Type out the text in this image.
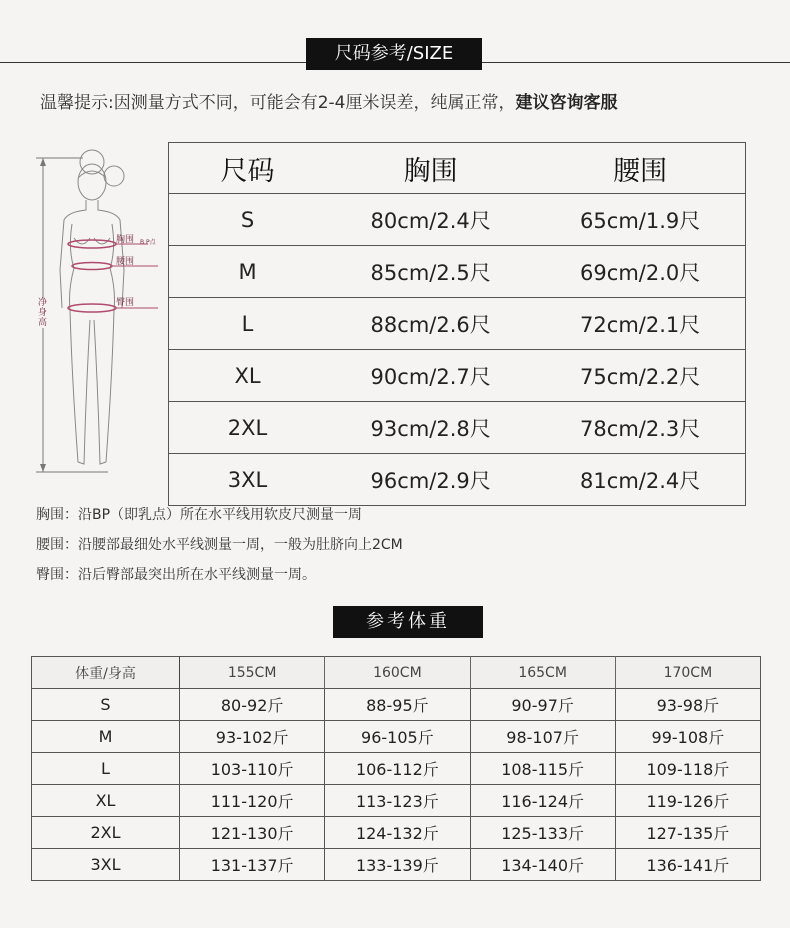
尺码参考/SIZE
温馨提示:因测量方式不同，可能会有2-4厘米误差，纯属正常，建议咨询客服
胸围 B P点
腰围
臀围
净身高
尺码	胸围	腰围
S	80cm/2.4尺	65cm/1.9尺
M	85cm/2.5尺	69cm/2.0尺
L	88cm/2.6尺	72cm/2.1尺
XL	90cm/2.7尺	75cm/2.2尺
2XL	93cm/2.8尺	78cm/2.3尺
3XL	96cm/2.9尺	81cm/2.4尺
胸围：沿BP（即乳点）所在水平线用软皮尺测量一周
腰围：沿腰部最细处水平线测量一周，一般为肚脐向上2CM
臀围：沿后臀部最突出所在水平线测量一周。
参考体重
体重/身高	155CM	160CM	165CM	170CM
S	80-92斤	88-95斤	90-97斤	93-98斤
M	93-102斤	96-105斤	98-107斤	99-108斤
L	103-110斤	106-112斤	108-115斤	109-118斤
XL	111-120斤	113-123斤	116-124斤	119-126斤
2XL	121-130斤	124-132斤	125-133斤	127-135斤
3XL	131-137斤	133-139斤	134-140斤	136-141斤
